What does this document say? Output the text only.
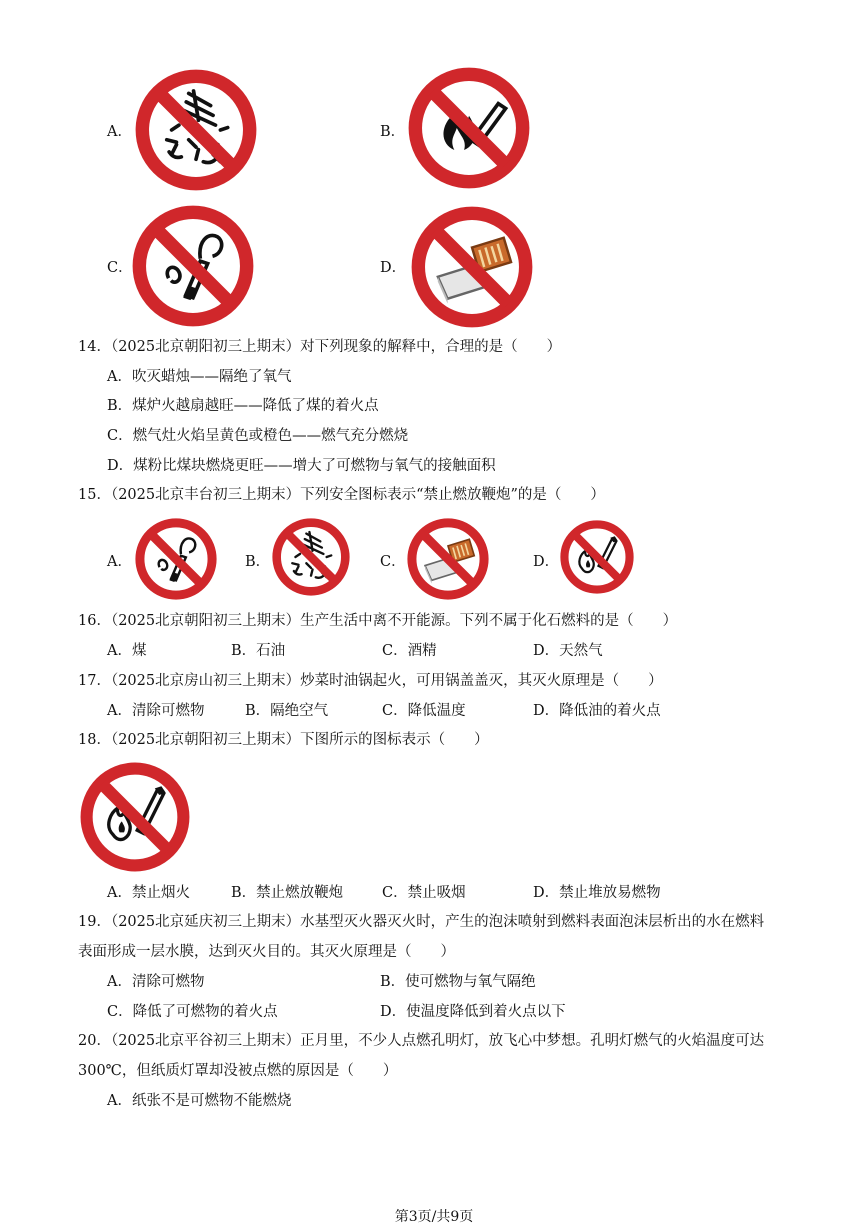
A．	B．
C．	D．
14．（2025北京朝阳初三上期末）对下列现象的解释中，合理的是（　　）
A．吹灭蜡烛——隔绝了氧气
B．煤炉火越扇越旺——降低了煤的着火点
C．燃气灶火焰呈黄色或橙色——燃气充分燃烧
D．煤粉比煤块燃烧更旺——增大了可燃物与氧气的接触面积
15．（2025北京丰台初三上期末）下列安全图标表示“禁止燃放鞭炮”的是（　　）
A．	B．	C．	D．
16．（2025北京朝阳初三上期末）生产生活中离不开能源。下列不属于化石燃料的是（　　）
A．煤	B．石油	C．酒精	D．天然气
17．（2025北京房山初三上期末）炒菜时油锅起火，可用锅盖盖灭，其灭火原理是（　　）
A．清除可燃物	B．隔绝空气	C．降低温度	D．降低油的着火点
18．（2025北京朝阳初三上期末）下图所示的图标表示（　　）
A．禁止烟火	B．禁止燃放鞭炮	C．禁止吸烟	D．禁止堆放易燃物
19．（2025北京延庆初三上期末）水基型灭火器灭火时，产生的泡沫喷射到燃料表面泡沫层析出的水在燃料
表面形成一层水膜，达到灭火目的。其灭火原理是（　　）
A．清除可燃物	B．使可燃物与氧气隔绝
C．降低了可燃物的着火点	D．使温度降低到着火点以下
20．（2025北京平谷初三上期末）正月里，不少人点燃孔明灯，放飞心中梦想。孔明灯燃气的火焰温度可达
300℃，但纸质灯罩却没被点燃的原因是（　　）
A．纸张不是可燃物不能燃烧
第3页/共9页
